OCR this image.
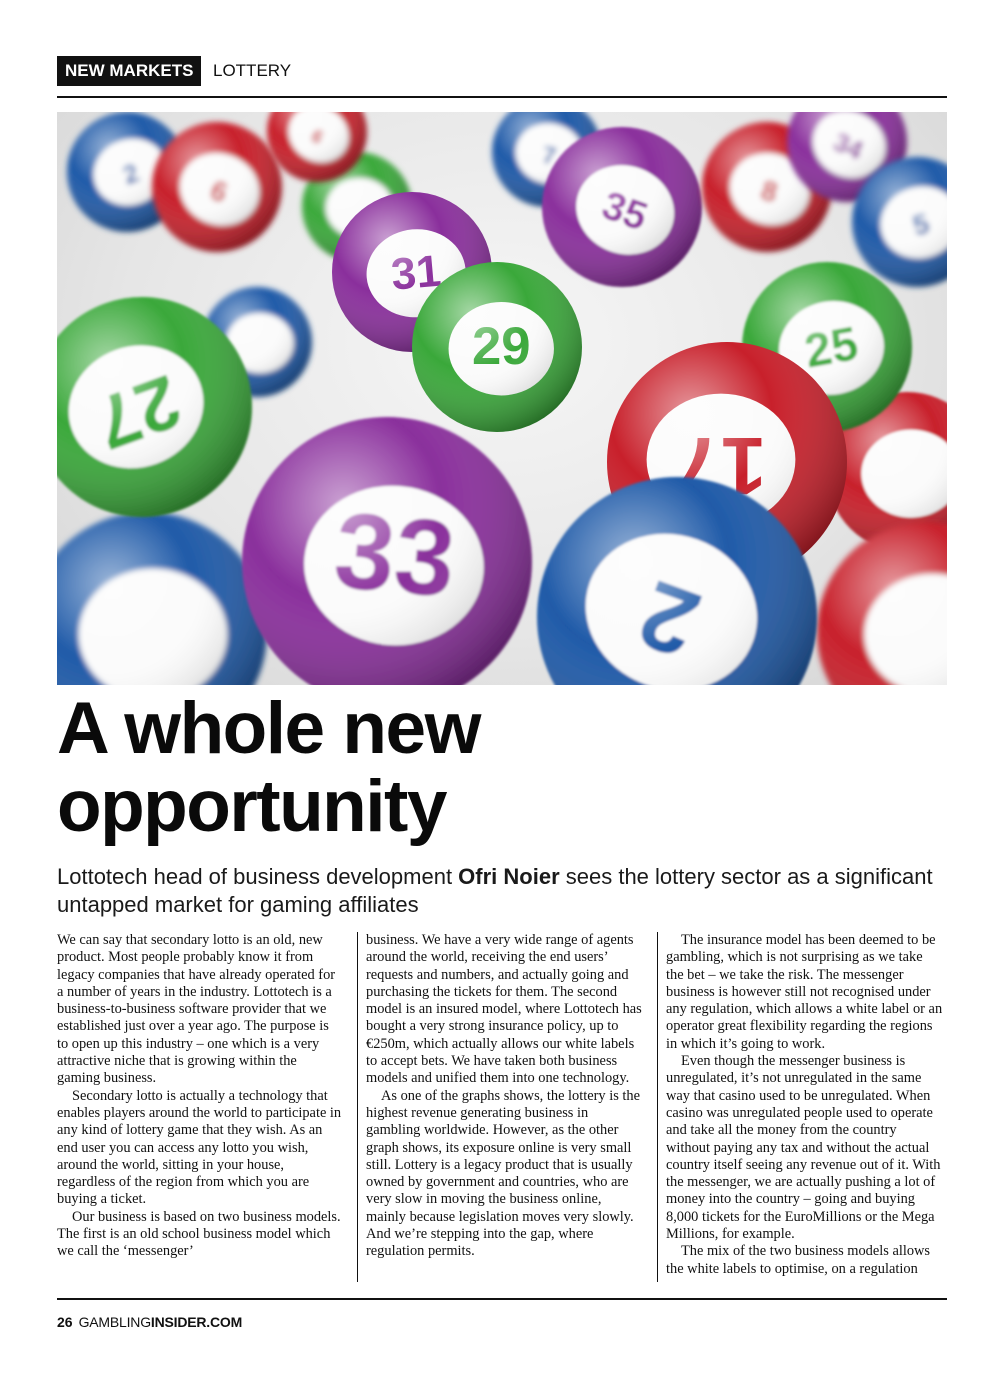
NEW MARKETS	LOTTERY
A whole new
opportunity

Lottotech head of business development Ofri Noier sees the lottery sector as a significant untapped market for gaming affiliates

We can say that secondary lotto is an old, new product. Most people probably know it from legacy companies that have already operated for a number of years in the industry. Lottotech is a business-to-business software provider that we established just over a year ago. The purpose is to open up this industry – one which is a very attractive niche that is growing within the gaming business.

Secondary lotto is actually a technology that enables players around the world to participate in any kind of lottery game that they wish. As an end user you can access any lotto you wish, around the world, sitting in your house, regardless of the region from which you are buying a ticket.

Our business is based on two business models. The first is an old school business model which we call the ‘messenger’

business. We have a very wide range of agents around the world, receiving the end users’ requests and numbers, and actually going and purchasing the tickets for them. The second model is an insured model, where Lottotech has bought a very strong insurance policy, up to €250m, which actually allows our white labels to accept bets. We have taken both business models and unified them into one technology.

As one of the graphs shows, the lottery is the highest revenue generating business in gambling worldwide. However, as the other graph shows, its exposure online is very small still. Lottery is a legacy product that is usually owned by government and countries, who are very slow in moving the business online, mainly because legislation moves very slowly. And we’re stepping into the gap, where regulation permits.

The insurance model has been deemed to be gambling, which is not surprising as we take the bet – we take the risk. The messenger business is however still not recognised under any regulation, which allows a white label or an operator great flexibility regarding the regions in which it’s going to work.

Even though the messenger business is unregulated, it’s not unregulated in the same way that casino used to be unregulated. When casino was unregulated people used to operate and take all the money from the country without paying any tax and without the actual country itself seeing any revenue out of it. With the messenger, we are actually pushing a lot of money into the country – going and buying 8,000 tickets for the EuroMillions or the Mega Millions, for example.

The mix of the two business models allows the white labels to optimise, on a regulation

26 GAMBLINGINSIDER.COM
